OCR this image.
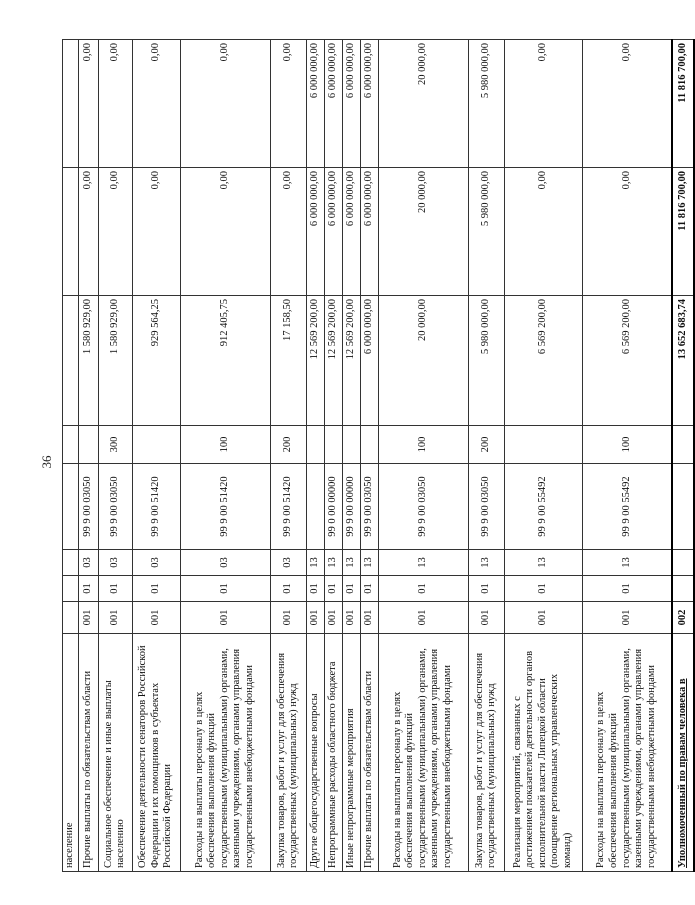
36
население								
Прочие выплаты по обязательствам области	001	01	03	99 9 00 03050		1 580 929,00	0,00	0,00
Социальное обеспечение и иные выплаты населению	001	01	03	99 9 00 03050	300	1 580 929,00	0,00	0,00
Обеспечение деятельности сенаторов Российской Федерации и их помощников в субъектах Российской Федерации	001	01	03	99 9 00 51420		929 564,25	0,00	0,00
Расходы на выплаты персоналу в целях обеспечения выполнения функций государственными (муниципальными) органами, казенными учреждениями, органами управления государственными внебюджетными фондами	001	01	03	99 9 00 51420	100	912 405,75	0,00	0,00
Закупка товаров, работ и услуг для обеспечения государственных (муниципальных) нужд	001	01	03	99 9 00 51420	200	17 158,50	0,00	0,00
Другие общегосударственные вопросы	001	01	13			12 569 200,00	6 000 000,00	6 000 000,00
Непрограммные расходы областного бюджета	001	01	13	99 0 00 00000		12 569 200,00	6 000 000,00	6 000 000,00
Иные непрограммные мероприятия	001	01	13	99 9 00 00000		12 569 200,00	6 000 000,00	6 000 000,00
Прочие выплаты по обязательствам области	001	01	13	99 9 00 03050		6 000 000,00	6 000 000,00	6 000 000,00
Расходы на выплаты персоналу в целях обеспечения выполнения функций государственными (муниципальными) органами, казенными учреждениями, органами управления государственными внебюджетными фондами	001	01	13	99 9 00 03050	100	20 000,00	20 000,00	20 000,00
Закупка товаров, работ и услуг для обеспечения государственных (муниципальных) нужд	001	01	13	99 9 00 03050	200	5 980 000,00	5 980 000,00	5 980 000,00
Реализация мероприятий, связанных с достижением показателей деятельности органов исполнительной власти Липецкой области (поощрение региональных управленческих команд)	001	01	13	99 9 00 55492		6 569 200,00	0,00	0,00
Расходы на выплаты персоналу в целях обеспечения выполнения функций государственными (муниципальными) органами, казенными учреждениями, органами управления государственными внебюджетными фондами	001	01	13	99 9 00 55492	100	6 569 200,00	0,00	0,00
Уполномоченный по правам человека в	002					13 652 683,74	11 816 700,00	11 816 700,00
